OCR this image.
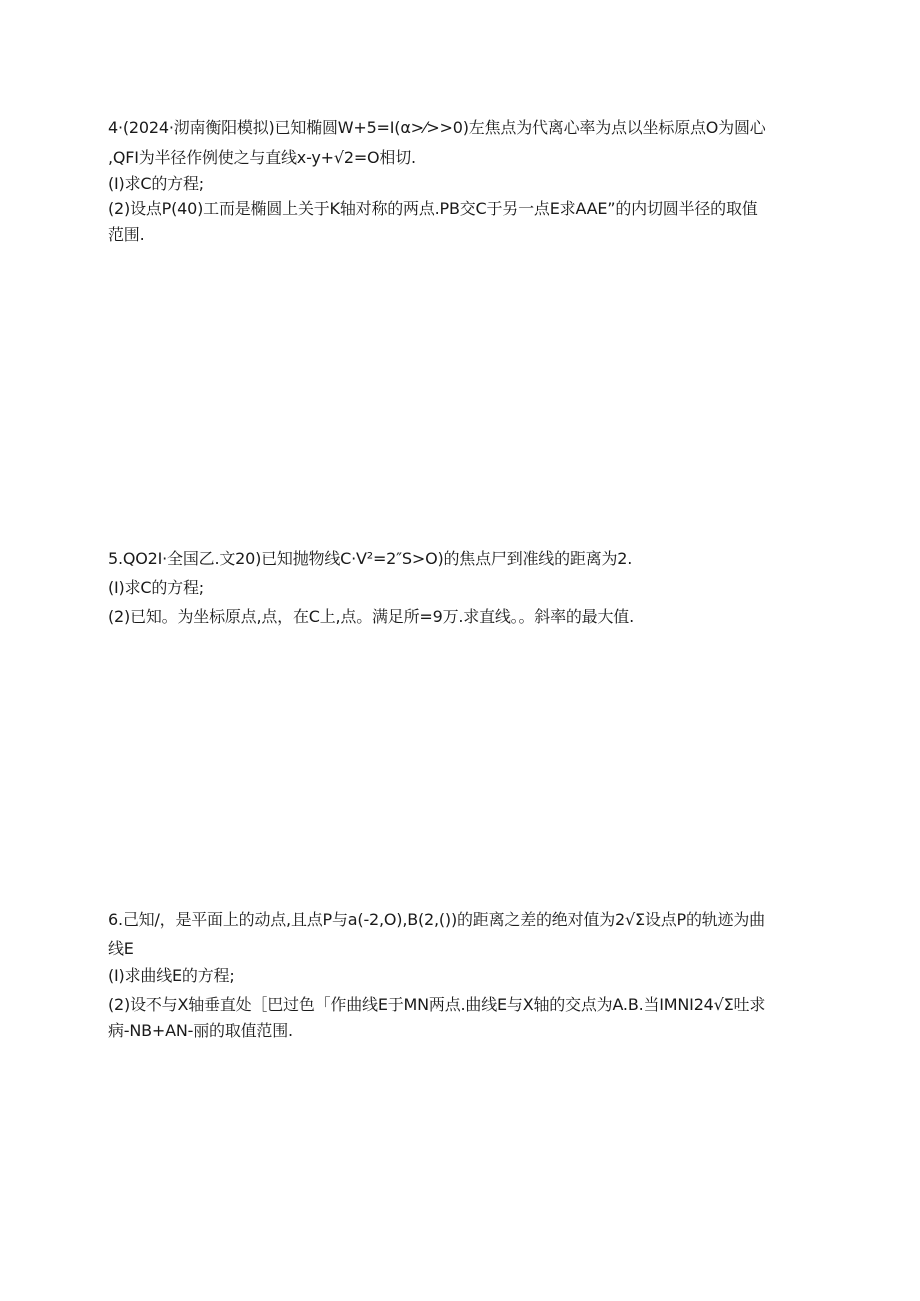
4·(2024·沏南衡阳模拟)已知椭圆W+5=I(α>⁄>>0)左焦点为代离心率为点以坐标原点O为圆心
,QFI为半径作例使之与直线x-y+√2=O相切.
(I)求C的方程;
(2)设点P(40)工而是椭圆上关于K轴对称的两点.PB交C于另一点E求AAE”的内切圆半径的取值
范围.
5.QO2I·全国乙.文20)已知抛物线C·V²=2″S>O)的焦点尸到准线的距离为2.
(I)求C的方程;
(2)已知。为坐标原点,点，在C上,点。满足所=9万.求直线。。斜率的最大值.
6.己知/，是平面上的动点,且点P与a(-2,O),B(2,())的距离之差的绝对值为2√Σ设点P的轨迹为曲
线E
(I)求曲线E的方程;
(2)设不与X轴垂直处［巴过色「作曲线E于MN两点.曲线E与X轴的交点为A.B.当IMNI24√Σ吐求
病-NB+AN-丽的取值范围.
